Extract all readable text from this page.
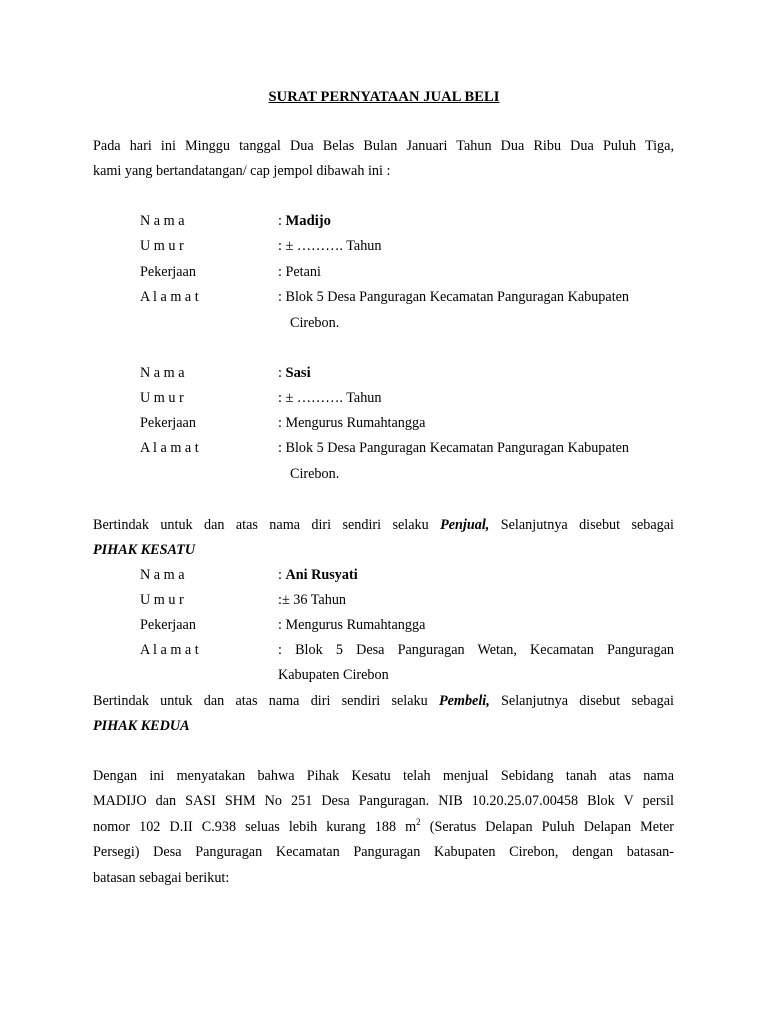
SURAT PERNYATAAN JUAL BELI
Pada hari ini Minggu tanggal Dua Belas Bulan Januari Tahun Dua Ribu Dua Puluh Tiga,
kami yang bertandatangan/ cap jempol dibawah ini :
N a m a	: Madijo
U m u r	: ± ………. Tahun
Pekerjaan	: Petani
A l a m a t	: Blok 5 Desa Panguragan Kecamatan Panguragan Kabupaten
Cirebon.
N a m a	: Sasi
U m u r	: ± ………. Tahun
Pekerjaan	: Mengurus Rumahtangga
A l a m a t	: Blok 5 Desa Panguragan Kecamatan Panguragan Kabupaten
Cirebon.
Bertindak untuk dan atas nama diri sendiri selaku Penjual, Selanjutnya disebut sebagai
PIHAK KESATU
N a m a	: Ani Rusyati
U m u r	:± 36 Tahun
Pekerjaan	: Mengurus Rumahtangga
A l a m a t	: Blok 5 Desa Panguragan Wetan, Kecamatan Panguragan
Kabupaten Cirebon
Bertindak untuk dan atas nama diri sendiri selaku Pembeli, Selanjutnya disebut sebagai
PIHAK KEDUA
Dengan ini menyatakan bahwa Pihak Kesatu telah menjual Sebidang tanah atas nama
MADIJO dan SASI SHM No 251 Desa Panguragan. NIB 10.20.25.07.00458 Blok V persil
nomor 102 D.II C.938 seluas lebih kurang 188 $m^2$ (Seratus Delapan Puluh Delapan Meter
Persegi) Desa Panguragan Kecamatan Panguragan Kabupaten Cirebon, dengan batasan-
batasan sebagai berikut:
